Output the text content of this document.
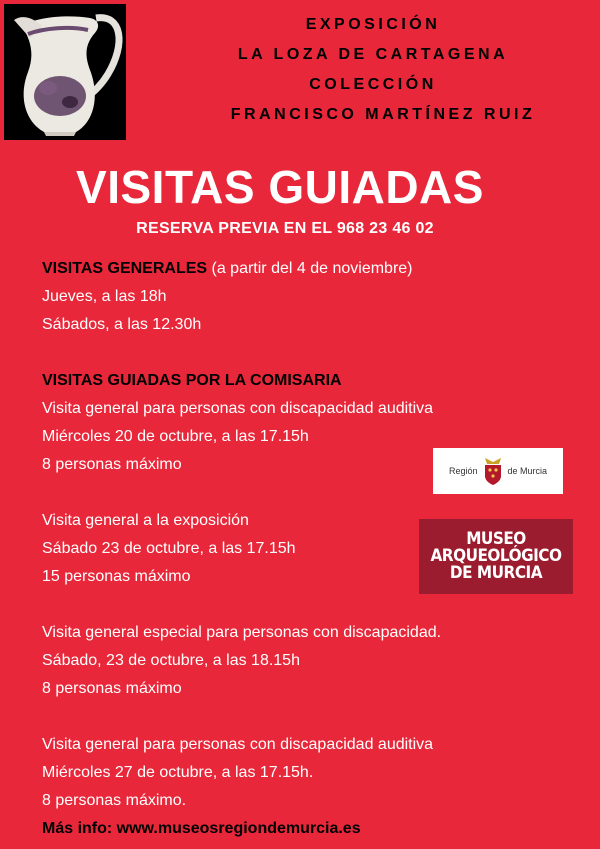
EXPOSICIÓN
LA LOZA DE CARTAGENA
COLECCIÓN
FRANCISCO MARTÍNEZ RUIZ
VISITAS GUIADAS
RESERVA PREVIA EN EL 968 23 46 02
VISITAS GENERALES (a partir del 4 de noviembre)
Jueves, a las 18h
Sábados, a las 12.30h
VISITAS GUIADAS POR LA COMISARIA
Visita general para personas con discapacidad auditiva
Miércoles 20 de octubre, a las 17.15h
8 personas máximo
Visita general a la exposición
Sábado 23 de octubre, a las 17.15h
15 personas máximo
Visita general especial para personas con discapacidad.
Sábado, 23 de octubre, a las 18.15h
8 personas máximo
Visita general para personas con discapacidad auditiva
Miércoles 27 de octubre, a las 17.15h.
8 personas máximo.
Más info: www.museosregiondemurcia.es
Región	de Murcia
MUSEO
ARQUEOLÓGICO
DE MURCIA
